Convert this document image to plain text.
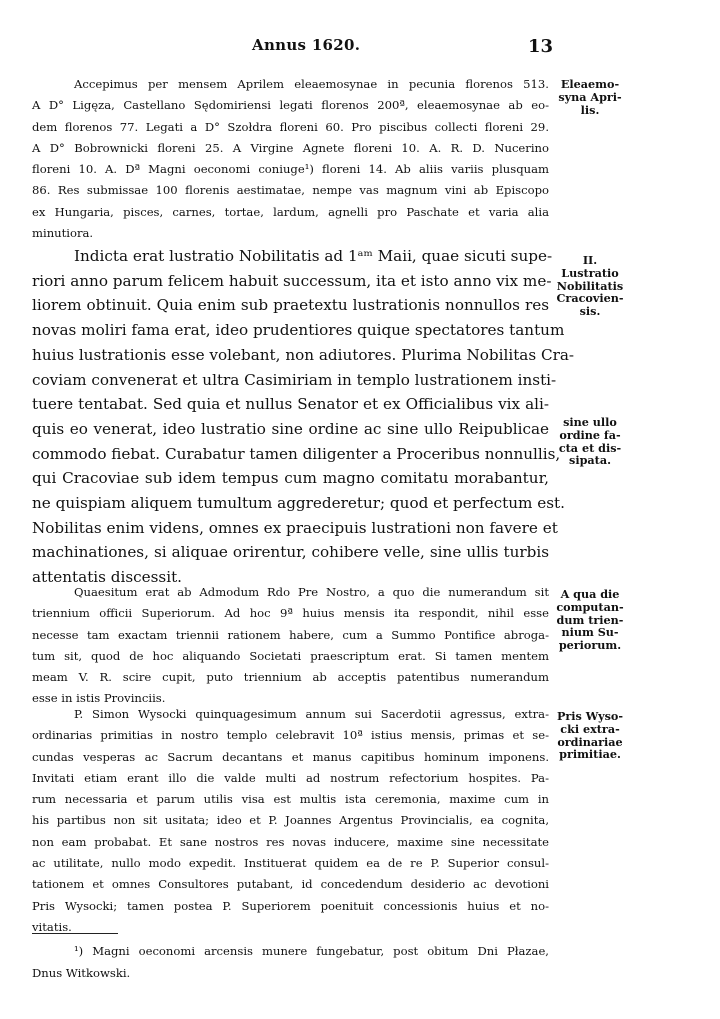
Annus 1620.	13
Accepimus per mensem Aprilem eleaemosynae in pecunia florenos 513.
A D° Ligęza, Castellano Sędomiriensi legati florenos 200ª, eleaemosynae ab eo-
dem florenos 77. Legati a D° Szołdra floreni 60. Pro piscibus collecti floreni 29.
A D° Bobrownicki floreni 25. A Virgine Agnete floreni 10. A. R. D. Nucerino
floreni 10. A. Dª Magni oeconomi coniuge¹) floreni 14. Ab aliis variis plusquam
86. Res submissae 100 florenis aestimatae, nempe vas magnum vini ab Episcopo
ex Hungaria, pisces, carnes, tortae, lardum, agnelli pro Paschate et varia alia
minutiora.
Indicta erat lustratio Nobilitatis ad 1ᵃᵐ Maii, quae sicuti supe-
riori anno parum felicem habuit successum, ita et isto anno vix me-
liorem obtinuit. Quia enim sub praetextu lustrationis nonnullos res
novas moliri fama erat, ideo prudentiores quique spectatores tantum
huius lustrationis esse volebant, non adiutores. Plurima Nobilitas Cra-
coviam convenerat et ultra Casimiriam in templo lustrationem insti-
tuere tentabat. Sed quia et nullus Senator et ex Officialibus vix ali-
quis eo venerat, ideo lustratio sine ordine ac sine ullo Reipublicae
commodo fiebat. Curabatur tamen diligenter a Proceribus nonnullis,
qui Cracoviae sub idem tempus cum magno comitatu morabantur,
ne quispiam aliquem tumultum aggrederetur; quod et perfectum est.
Nobilitas enim videns, omnes ex praecipuis lustrationi non favere et
machinationes, si aliquae orirentur, cohibere velle, sine ullis turbis
attentatis discessit.
Quaesitum erat ab Admodum Rdo Pre Nostro, a quo die numerandum sit
triennium officii Superiorum. Ad hoc 9ª huius mensis ita respondit, nihil esse
necesse tam exactam triennii rationem habere, cum a Summo Pontifice abroga-
tum sit, quod de hoc aliquando Societati praescriptum erat. Si tamen mentem
meam V. R. scire cupit, puto triennium ab acceptis patentibus numerandum
esse in istis Provinciis.
P. Simon Wysocki quinquagesimum annum sui Sacerdotii agressus, extra-
ordinarias primitias in nostro templo celebravit 10ª istius mensis, primas et se-
cundas vesperas ac Sacrum decantans et manus capitibus hominum imponens.
Invitati etiam erant illo die valde multi ad nostrum refectorium hospites. Pa-
rum necessaria et parum utilis visa est multis ista ceremonia, maxime cum in
his partibus non sit usitata; ideo et P. Joannes Argentus Provincialis, ea cognita,
non eam probabat. Et sane nostros res novas inducere, maxime sine necessitate
ac utilitate, nullo modo expedit. Instituerat quidem ea de re P. Superior consul-
tationem et omnes Consultores putabant, id concedendum desiderio ac devotioni
Pris Wysocki; tamen postea P. Superiorem poenituit concessionis huius et no-
vitatis.
Eleaemo-
syna Apri-
lis.
II.
Lustratio
Nobilitatis
Cracovien-
sis.
sine ullo
ordine fa-
cta et dis-
sipata.
A qua die
computan-
dum trien-
nium Su-
periorum.
Pris Wyso-
cki extra-
ordinariae
primitiae.
¹) Magni oeconomi arcensis munere fungebatur, post obitum Dni Płazae,
Dnus Witkowski.
